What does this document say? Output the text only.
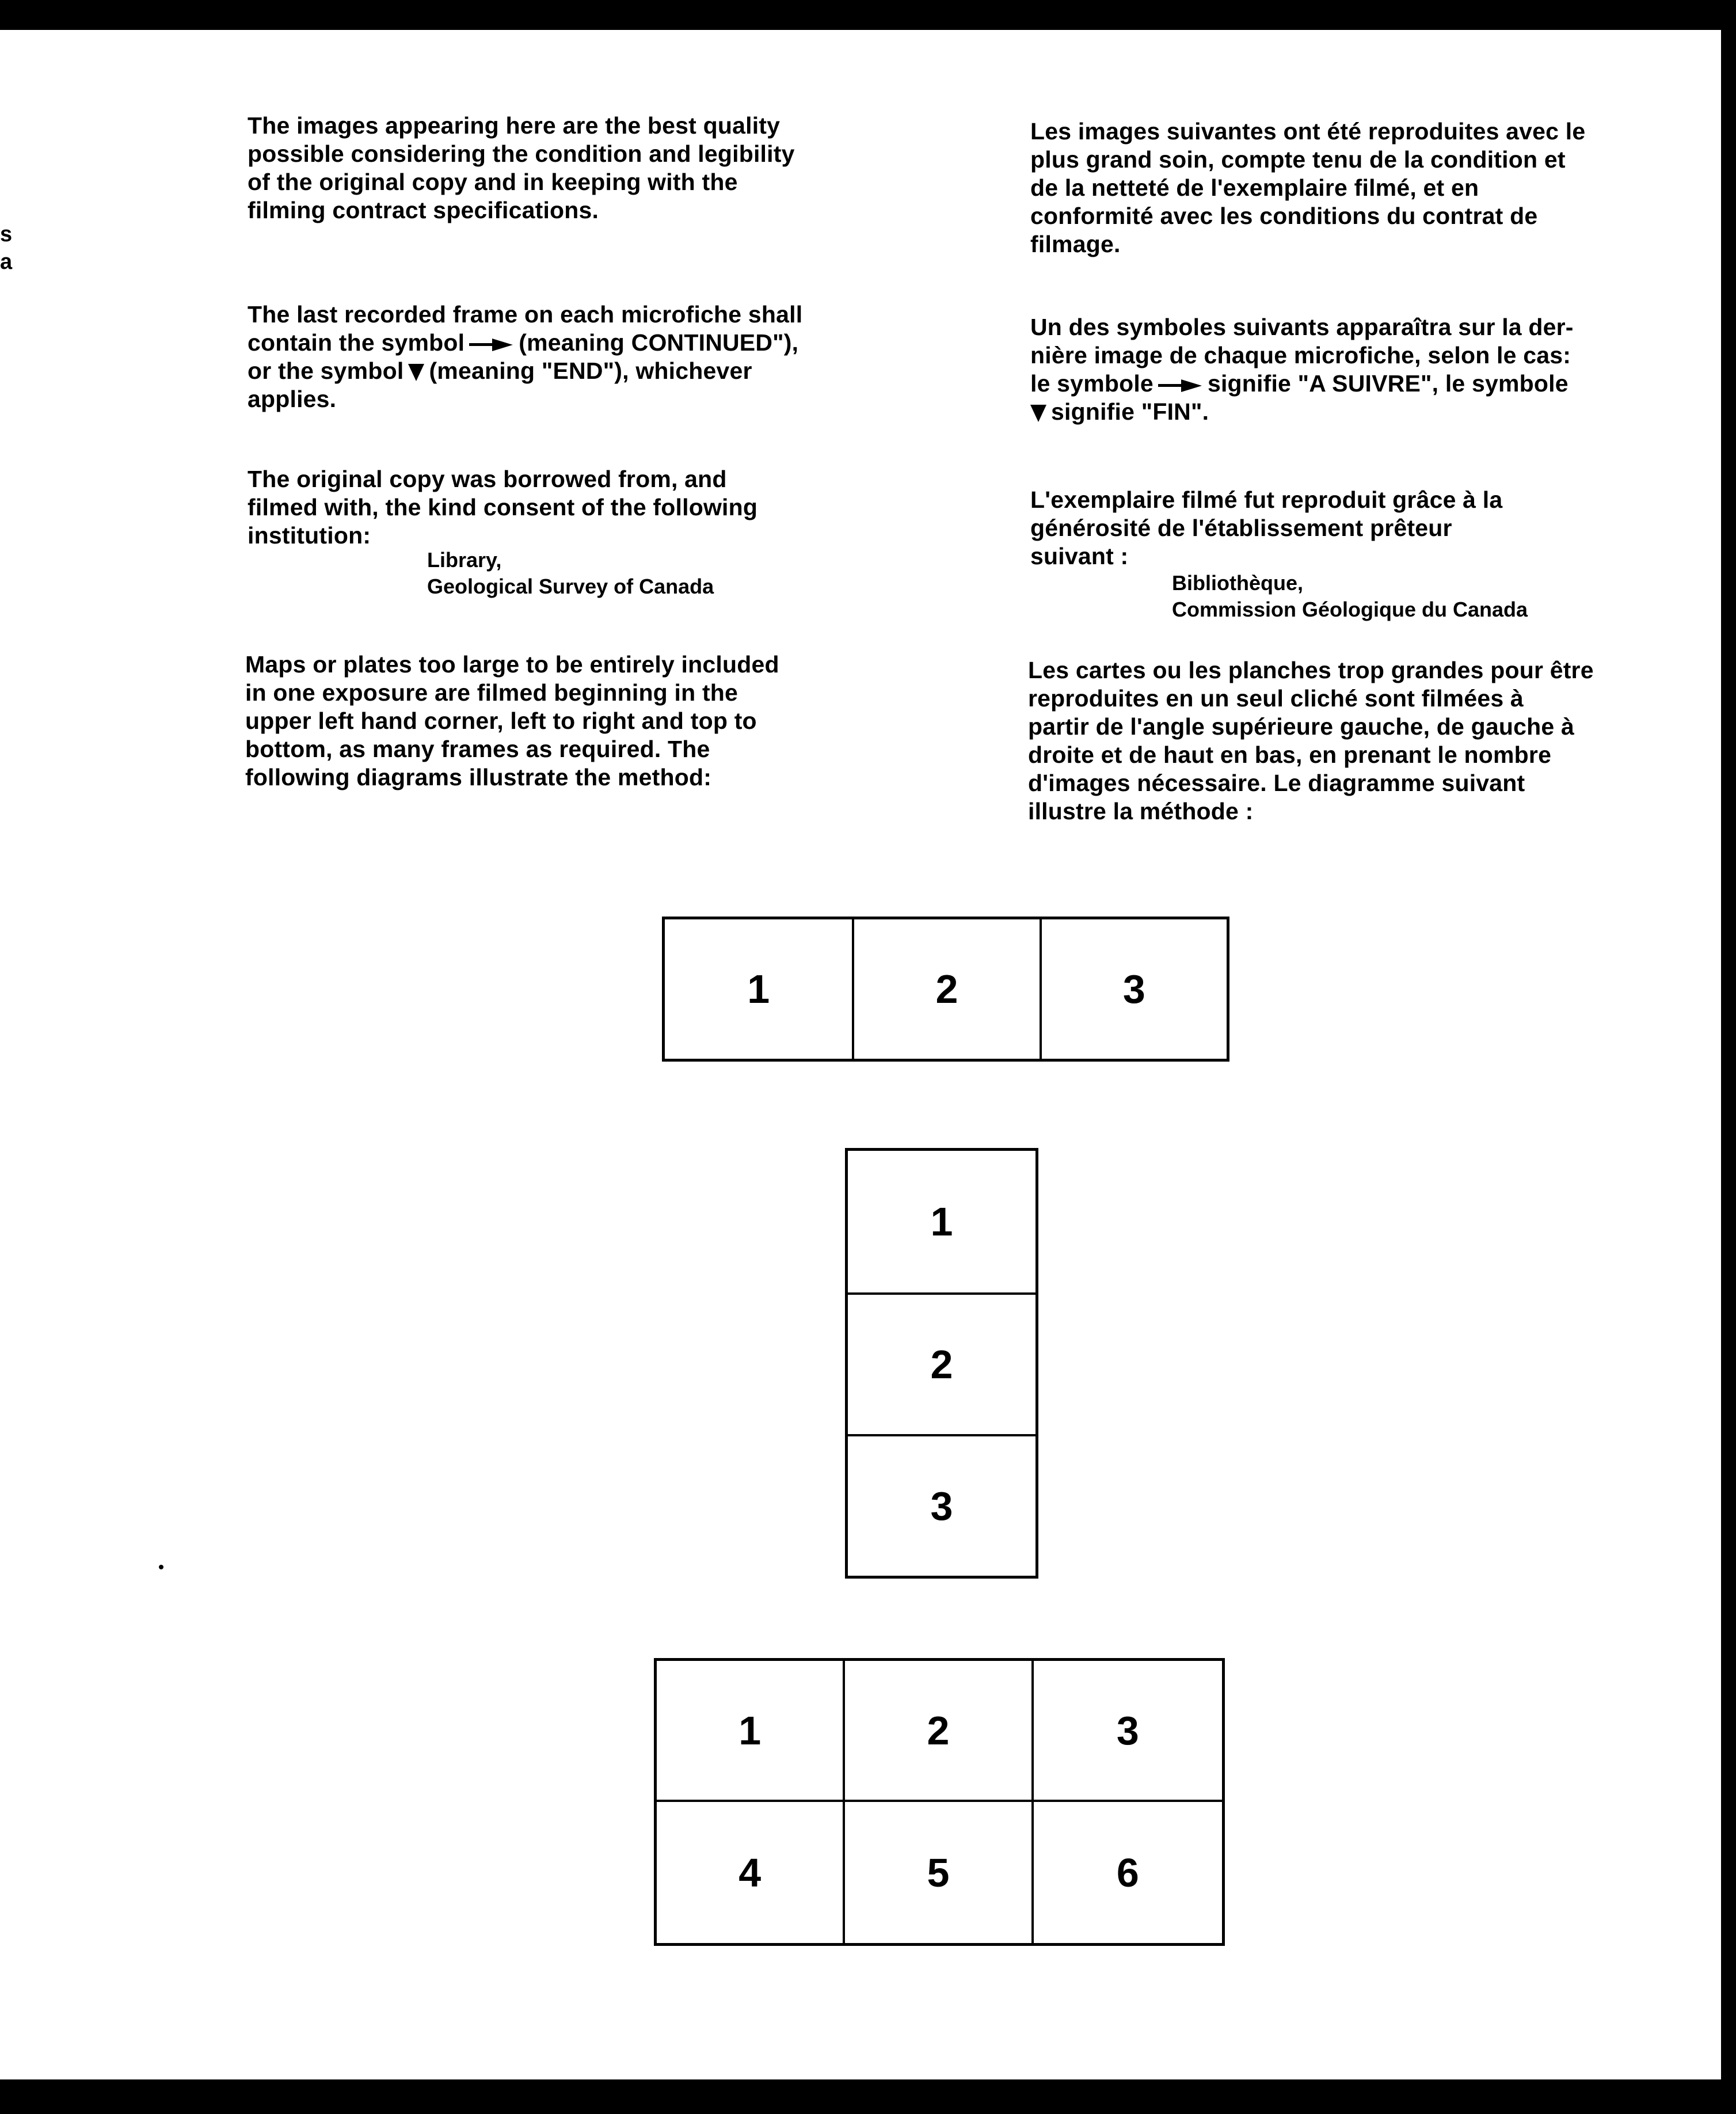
s
a
The images appearing here are the best quality
possible considering the condition and legibility
of the original copy and in keeping with the
filming contract specifications.
The last recorded frame on each microfiche shall
contain the symbol (meaning CONTINUED"),
or the symbol (meaning "END"), whichever
applies.
The original copy was borrowed from, and
filmed with, the kind consent of the following
institution:
Library,
Geological Survey of Canada
Maps or plates too large to be entirely included
in one exposure are filmed beginning in the
upper left hand corner, left to right and top to
bottom, as many frames as required. The
following diagrams illustrate the method:
Les images suivantes ont été reproduites avec le
plus grand soin, compte tenu de la condition et
de la netteté de l'exemplaire filmé, et en
conformité avec les conditions du contrat de
filmage.
Un des symboles suivants apparaîtra sur la der-
nière image de chaque microfiche, selon le cas:
le symbole signifie "A SUIVRE", le symbole
signifie "FIN".
L'exemplaire filmé fut reproduit grâce à la
générosité de l'établissement prêteur
suivant :
Bibliothèque,
Commission Géologique du Canada
Les cartes ou les planches trop grandes pour être
reproduites en un seul cliché sont filmées à
partir de l'angle supérieure gauche, de gauche à
droite et de haut en bas, en prenant le nombre
d'images nécessaire. Le diagramme suivant
illustre la méthode :
1	2	3
1
2
3
1	2	3
4	5	6
